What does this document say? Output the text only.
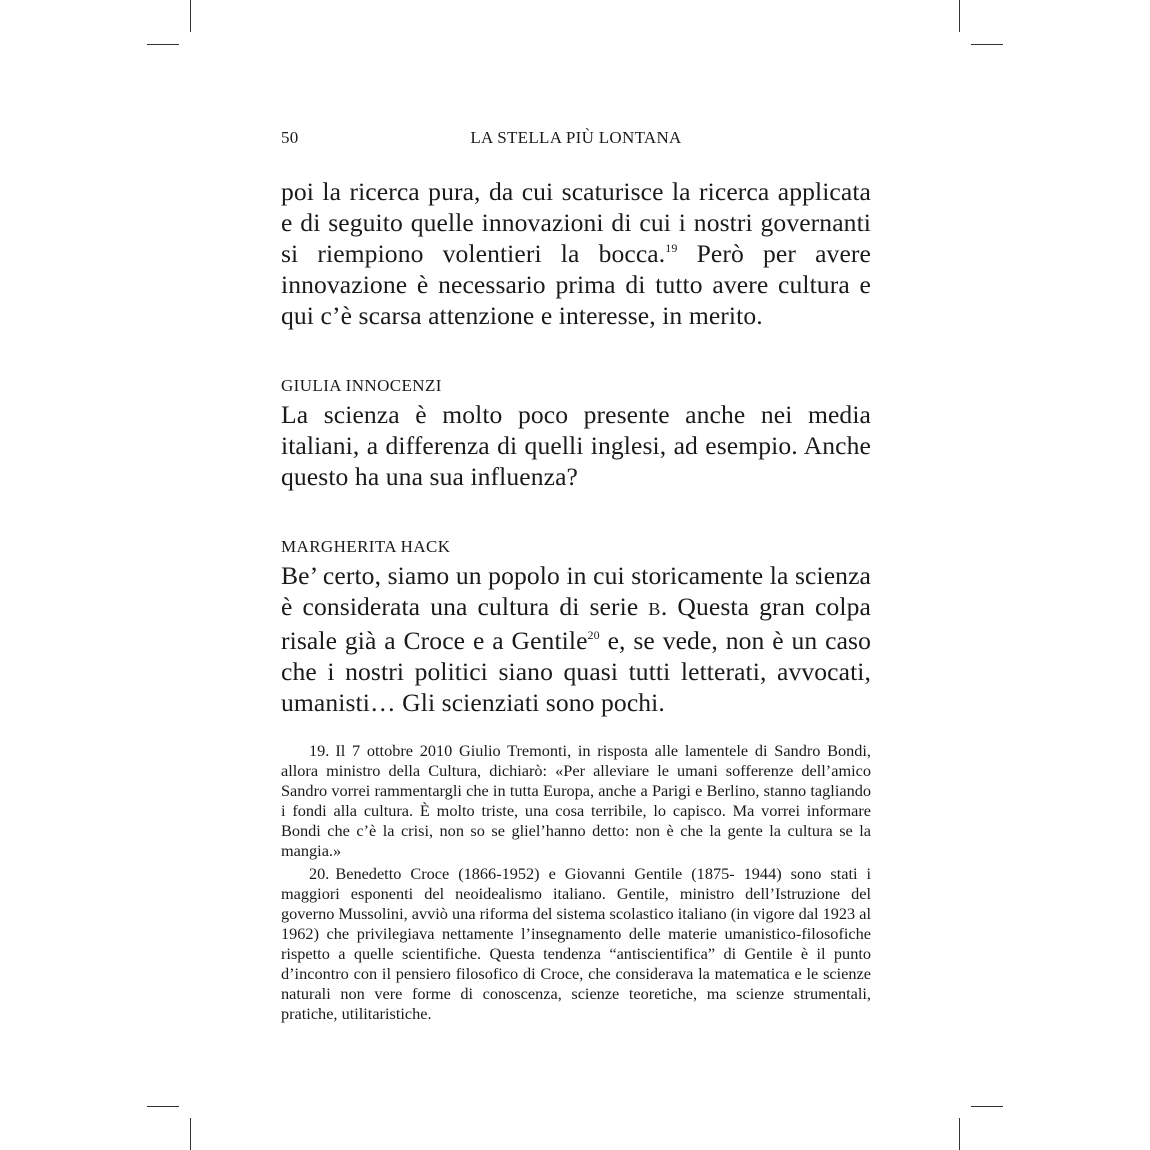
50	LA STELLA PIÙ LONTANA

poi la ricerca pura, da cui scaturisce la ricerca applicata e di seguito quelle innovazioni di cui i nostri governanti si riempiono volentieri la bocca.$^{19}$ Però per avere innovazione è necessario prima di tutto avere cultura e qui c’è scarsa attenzione e interesse, in merito.

GIULIA INNOCENZI

La scienza è molto poco presente anche nei media italiani, a differenza di quelli inglesi, ad esempio. Anche questo ha una sua influenza?

MARGHERITA HACK

Be’ certo, siamo un popolo in cui storicamente la scienza è considerata una cultura di serie B. Questa gran colpa risale già a Croce e a Gentile$^{20}$ e, se vede, non è un caso che i nostri politici siano quasi tutti letterati, avvocati, umanisti… Gli scienziati sono pochi.

19. Il 7 ottobre 2010 Giulio Tremonti, in risposta alle lamentele di Sandro Bondi, allora ministro della Cultura, dichiarò: «Per alleviare le umani sofferenze dell’amico Sandro vorrei rammentargli che in tutta Europa, anche a Parigi e Berlino, stanno tagliando i fondi alla cultura. È molto triste, una cosa terribile, lo capisco. Ma vorrei informare Bondi che c’è la crisi, non so se gliel’hanno detto: non è che la gente la cultura se la mangia.»

20. Benedetto Croce (1866-1952) e Giovanni Gentile (1875- 1944) sono stati i maggiori esponenti del neoidealismo italiano. Gentile, ministro dell’Istruzione del governo Mussolini, avviò una riforma del sistema scolastico italiano (in vigore dal 1923 al 1962) che privilegiava nettamente l’insegnamento delle materie umanistico-filosofiche rispetto a quelle scientifiche. Questa tendenza “antiscientifica” di Gentile è il punto d’incontro con il pensiero filosofico di Croce, che considerava la matematica e le scienze naturali non vere forme di conoscenza, scienze teoretiche, ma scienze strumentali, pratiche, utilitaristiche.
